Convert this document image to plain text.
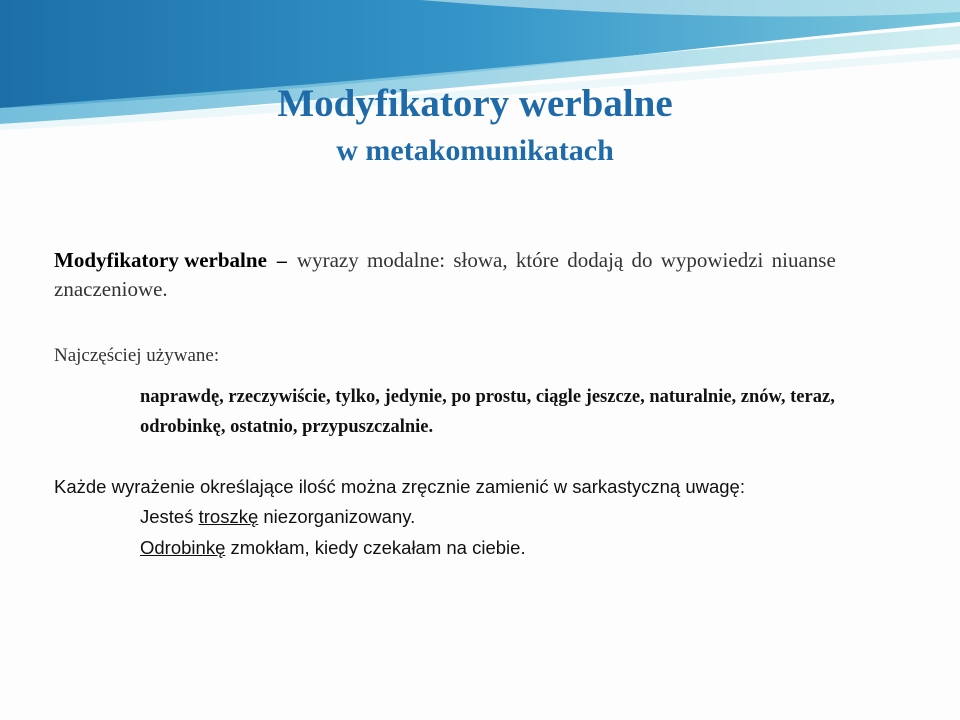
Modyfikatory werbalne
w metakomunikatach
Modyfikatory werbalne – wyrazy modalne: słowa, które dodają do wypowiedzi niuanse znaczeniowe.
Najczęściej używane:
naprawdę, rzeczywiście, tylko, jedynie, po prostu, ciągle jeszcze, naturalnie, znów, teraz, odrobinkę, ostatnio, przypuszczalnie.
Każde wyrażenie określające ilość można zręcznie zamienić w sarkastyczną uwagę:
Jesteś troszkę niezorganizowany.
Odrobinkę zmokłam, kiedy czekałam na ciebie.
